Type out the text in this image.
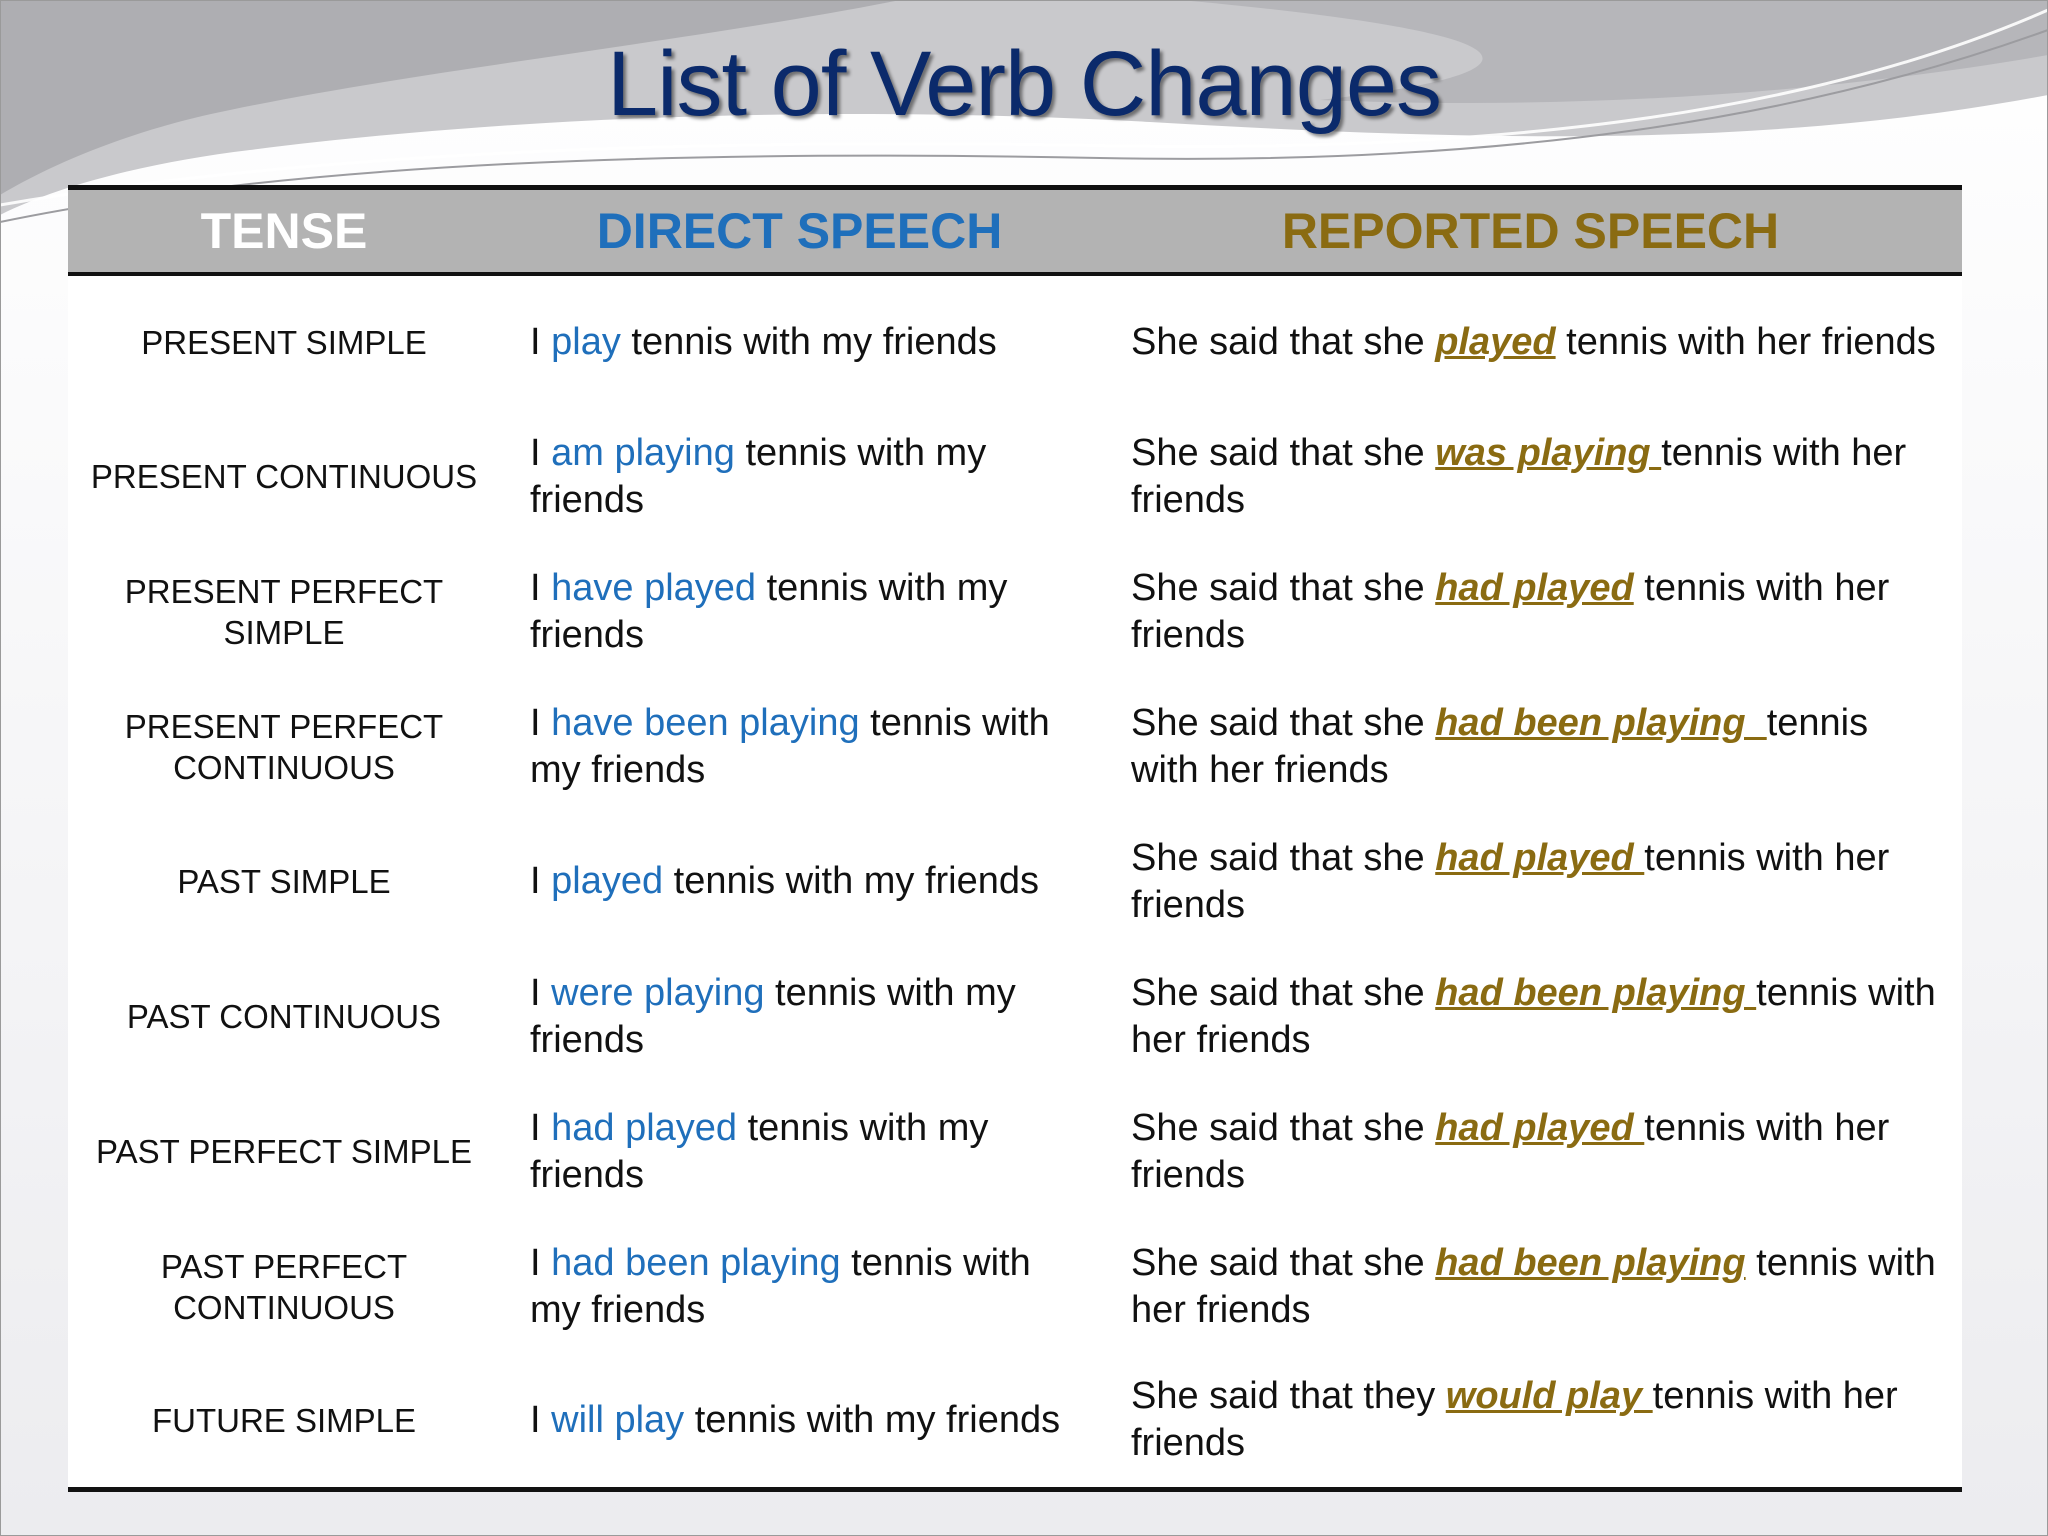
List of Verb Changes
TENSE	DIRECT SPEECH	REPORTED SPEECH
PRESENT SIMPLE	I play tennis with my friends	She said that she played tennis with her friends
PRESENT CONTINUOUS	I am playing tennis with my friends	She said that she was playing tennis with her friends
PRESENT PERFECT SIMPLE	I have played tennis with my friends	She said that she had played tennis with her friends
PRESENT PERFECT CONTINUOUS	I have been playing tennis with my friends	She said that she had been playing  tennis with her friends
PAST SIMPLE	I played tennis with my friends	She said that she had played tennis with her friends
PAST CONTINUOUS	I were playing tennis with my friends	She said that she had been playing tennis with her friends
PAST PERFECT SIMPLE	I had played tennis with my friends	She said that she had played tennis with her friends
PAST PERFECT CONTINUOUS	I had been playing tennis with my friends	She said that she had been playing tennis with her friends
FUTURE SIMPLE	I will play tennis with my friends	She said that they would play tennis with her friends
